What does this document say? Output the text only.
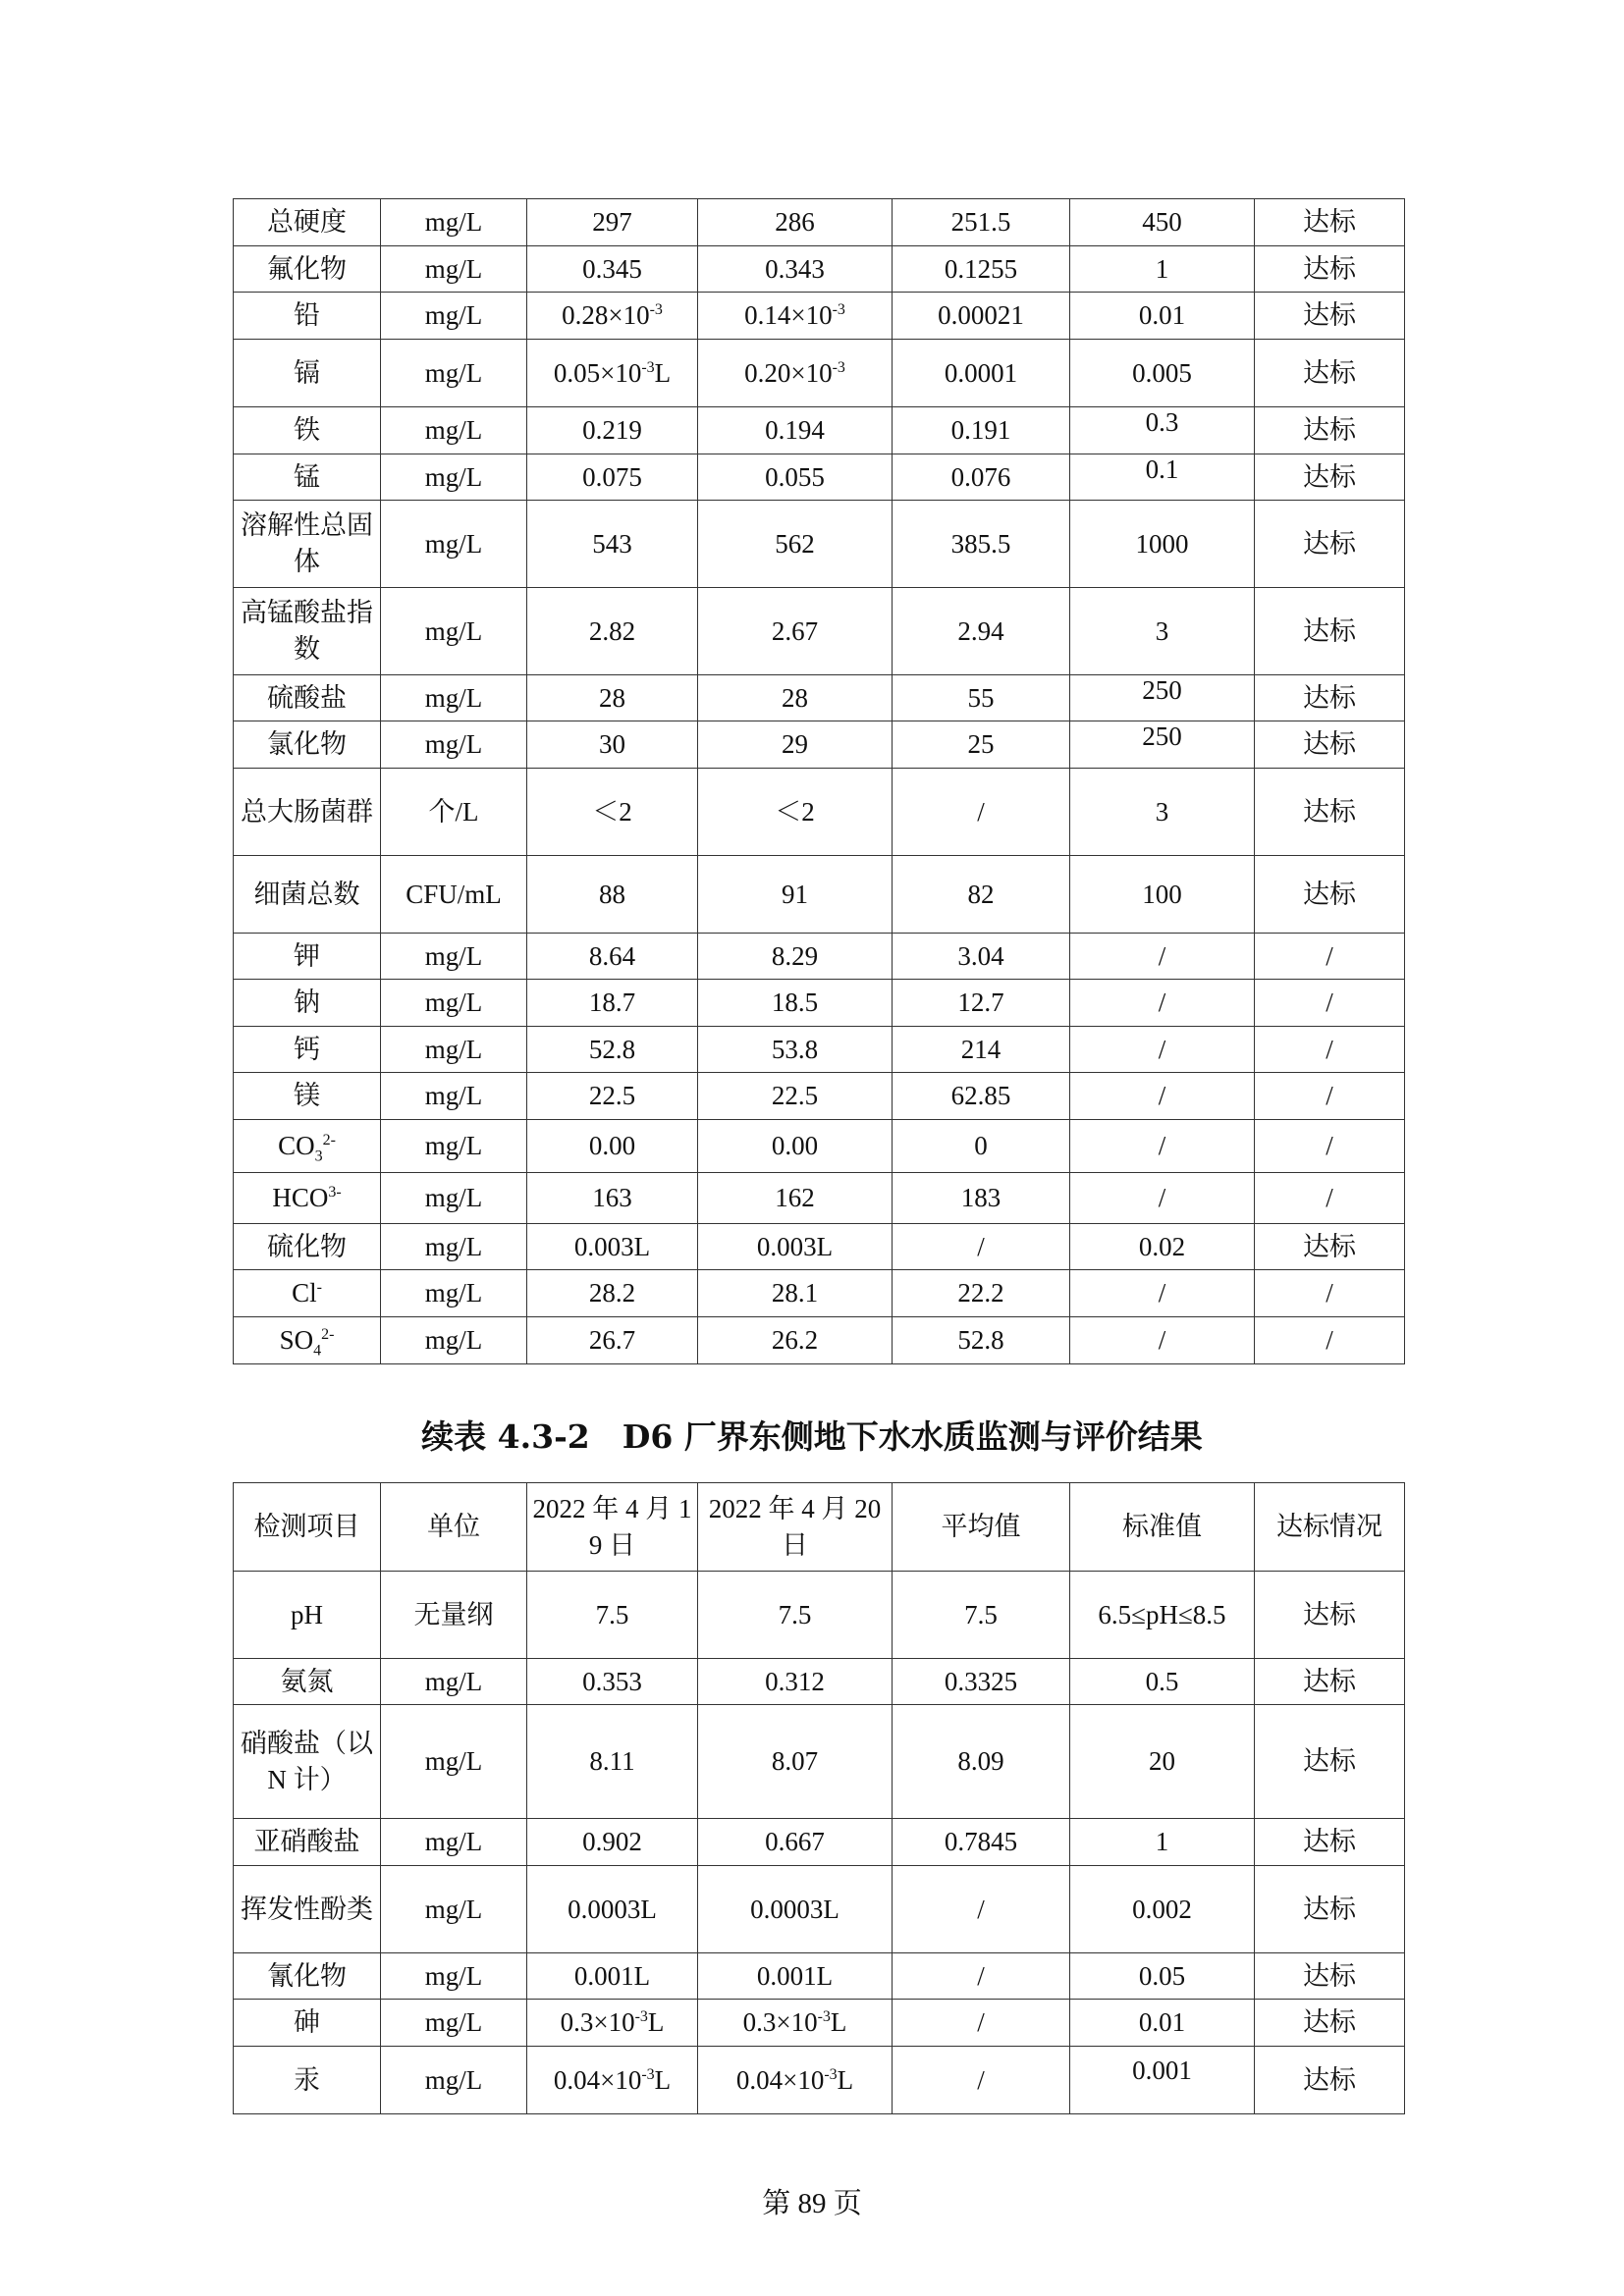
总硬度	mg/L	297	286	251.5	450	达标
氟化物	mg/L	0.345	0.343	0.1255	1	达标
铅	mg/L	$0.28\times 10^{-3}$	$0.14\times 10^{-3}$	0.00021	0.01	达标
镉	mg/L	$0.05\times 10^{-3}L$	$0.20\times 10^{-3}$	0.0001	0.005	达标
铁	mg/L	0.219	0.194	0.191	0.3	达标
锰	mg/L	0.075	0.055	0.076	0.1	达标
溶解性总固体	mg/L	543	562	385.5	1000	达标
高锰酸盐指数	mg/L	2.82	2.67	2.94	3	达标
硫酸盐	mg/L	28	28	55	250	达标
氯化物	mg/L	30	29	25	250	达标
总大肠菌群	个/L	＜2	＜2	/	3	达标
细菌总数	CFU/mL	88	91	82	100	达标
钾	mg/L	8.64	8.29	3.04	/	/
钠	mg/L	18.7	18.5	12.7	/	/
钙	mg/L	52.8	53.8	214	/	/
镁	mg/L	22.5	22.5	62.85	/	/
$CO_3^{2-}$	mg/L	0.00	0.00	0	/	/
$HCO^{3-}$	mg/L	163	162	183	/	/
硫化物	mg/L	0.003L	0.003L	/	0.02	达标
Cl-	mg/L	28.2	28.1	22.2	/	/
$SO_4^{2-}$	mg/L	26.7	26.2	52.8	/	/
续表 4.3-2　D6 厂界东侧地下水水质监测与评价结果
检测项目	单位	2022 年 4 月 19 日	2022 年 4 月 20 日	平均值	标准值	达标情况
pH	无量纲	7.5	7.5	7.5	6.5≤pH≤8.5	达标
氨氮	mg/L	0.353	0.312	0.3325	0.5	达标
硝酸盐（以 N 计）	mg/L	8.11	8.07	8.09	20	达标
亚硝酸盐	mg/L	0.902	0.667	0.7845	1	达标
挥发性酚类	mg/L	0.0003L	0.0003L	/	0.002	达标
氰化物	mg/L	0.001L	0.001L	/	0.05	达标
砷	mg/L	$0.3\times 10^{-3}L$	$0.3\times 10^{-3}L$	/	0.01	达标
汞	mg/L	$0.04\times 10^{-3}L$	$0.04\times 10^{-3}L$	/	0.001	达标
第 89 页
